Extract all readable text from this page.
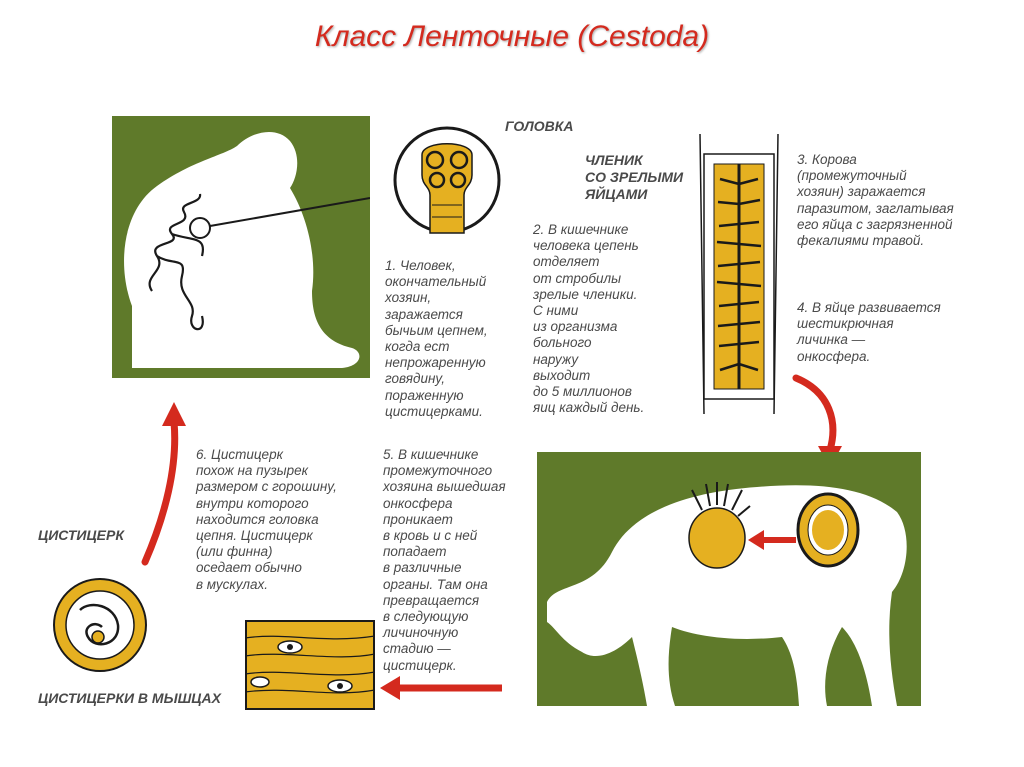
Класс Ленточные (Cestoda)
ГОЛОВКА
1. Человек,
окончательный
хозяин,
заражается
бычьим цепнем,
когда ест
непрожаренную
говядину,
пораженную
цистицерками.
ЧЛЕНИК
СО ЗРЕЛЫМИ
ЯЙЦАМИ
2. В кишечнике
человека цепень
отделяет
от стробилы
зрелые членики.
С ними
из организма
больного
наружу
выходит
до 5 миллионов
яиц каждый день.
3. Корова
(промежуточный
хозяин) заражается
паразитом, заглатывая
его яйца с загрязненной
фекалиями травой.
4. В яйце развивается
шестикрючная
личинка —
онкосфера.
СВОБОДНАЯ
ОНКОСФЕРА
ОНКОСФЕРА
В ЯЙЦЕ
5. В кишечнике
промежуточного
хозяина вышедшая
онкосфера
проникает
в кровь и с ней
попадает
в различные
органы. Там она
превращается
в следующую
личиночную
стадию —
цистицерк.
6. Цистицерк
похож на пузырек
размером с горошину,
внутри которого
находится головка
цепня. Цистицерк
(или финна)
оседает обычно
в мускулах.
ЦИСТИЦЕРК
ЦИСТИЦЕРКИ В МЫШЦАХ
